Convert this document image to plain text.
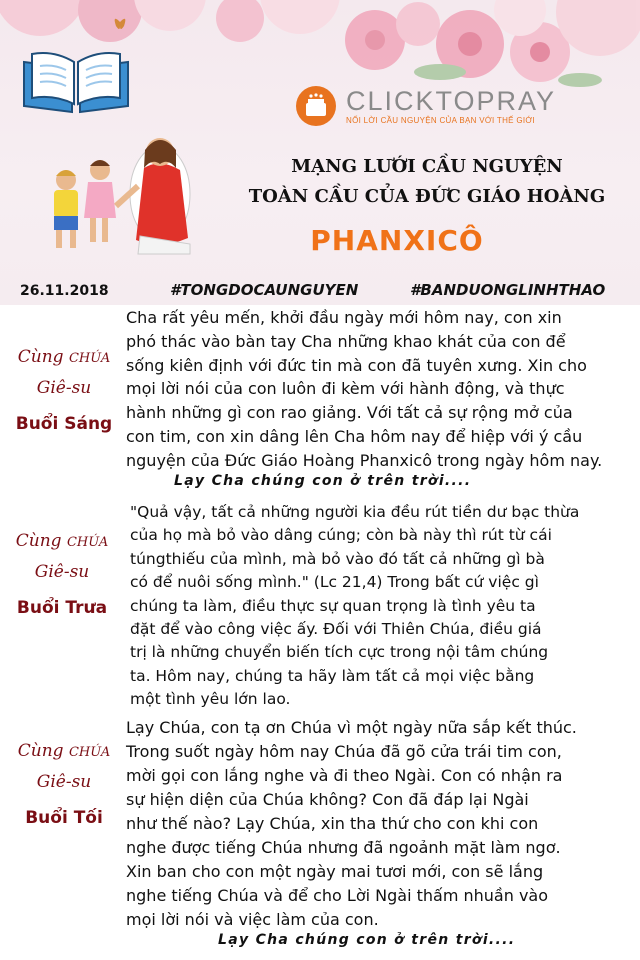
CLICKTOPRAY
NỐI LỜI CẦU NGUYỆN CỦA BẠN VỚI THẾ GIỚI
MẠNG LƯỚI CẦU NGUYỆN
TOÀN CẦU CỦA ĐỨC GIÁO HOÀNG
PHANXICÔ
26.11.2018	#TONGDOCAUNGUYEN	#BANDUONGLINHTHAO
Cùng CHÚA
Giê-su
Buổi Sáng
Cha rất yêu mến, khởi đầu ngày mới hôm nay, con xin
phó thác vào bàn tay Cha những khao khát của con để
sống kiên định với đức tin mà con đã tuyên xưng. Xin cho
mọi lời nói của con luôn đi kèm với hành động, và thực
hành những gì con rao giảng. Với tất cả sự rộng mở của
con tim, con xin dâng lên Cha hôm nay để hiệp với ý cầu
nguyện của Đức Giáo Hoàng Phanxicô trong ngày hôm nay.
Lạy Cha chúng con ở trên trời....
Cùng CHÚA
Giê-su
Buổi Trưa
"Quả vậy, tất cả những người kia đều rút tiền dư bạc thừa
của họ mà bỏ vào dâng cúng; còn bà này thì rút từ cái
túngthiếu của mình, mà bỏ vào đó tất cả những gì bà
có để nuôi sống mình." (Lc 21,4) Trong bất cứ việc gì
chúng ta làm, điều thực sự quan trọng là tình yêu ta
đặt để vào công việc ấy. Đối với Thiên Chúa, điều giá
trị là những chuyển biến tích cực trong nội tâm chúng
ta. Hôm nay, chúng ta hãy làm tất cả mọi việc bằng
một tình yêu lớn lao.
Cùng CHÚA
Giê-su
Buổi Tối
Lạy Chúa, con tạ ơn Chúa vì một ngày nữa sắp kết thúc.
Trong suốt ngày hôm nay Chúa đã gõ cửa trái tim con,
mời gọi con lắng nghe và đi theo Ngài. Con có nhận ra
sự hiện diện của Chúa không? Con đã đáp lại Ngài
như thế nào? Lạy Chúa, xin tha thứ cho con khi con
nghe được tiếng Chúa nhưng đã ngoảnh mặt làm ngơ.
Xin ban cho con một ngày mai tươi mới, con sẽ lắng
nghe tiếng Chúa và để cho Lời Ngài thấm nhuần vào
mọi lời nói và việc làm của con.
Lạy Cha chúng con ở trên trời....
